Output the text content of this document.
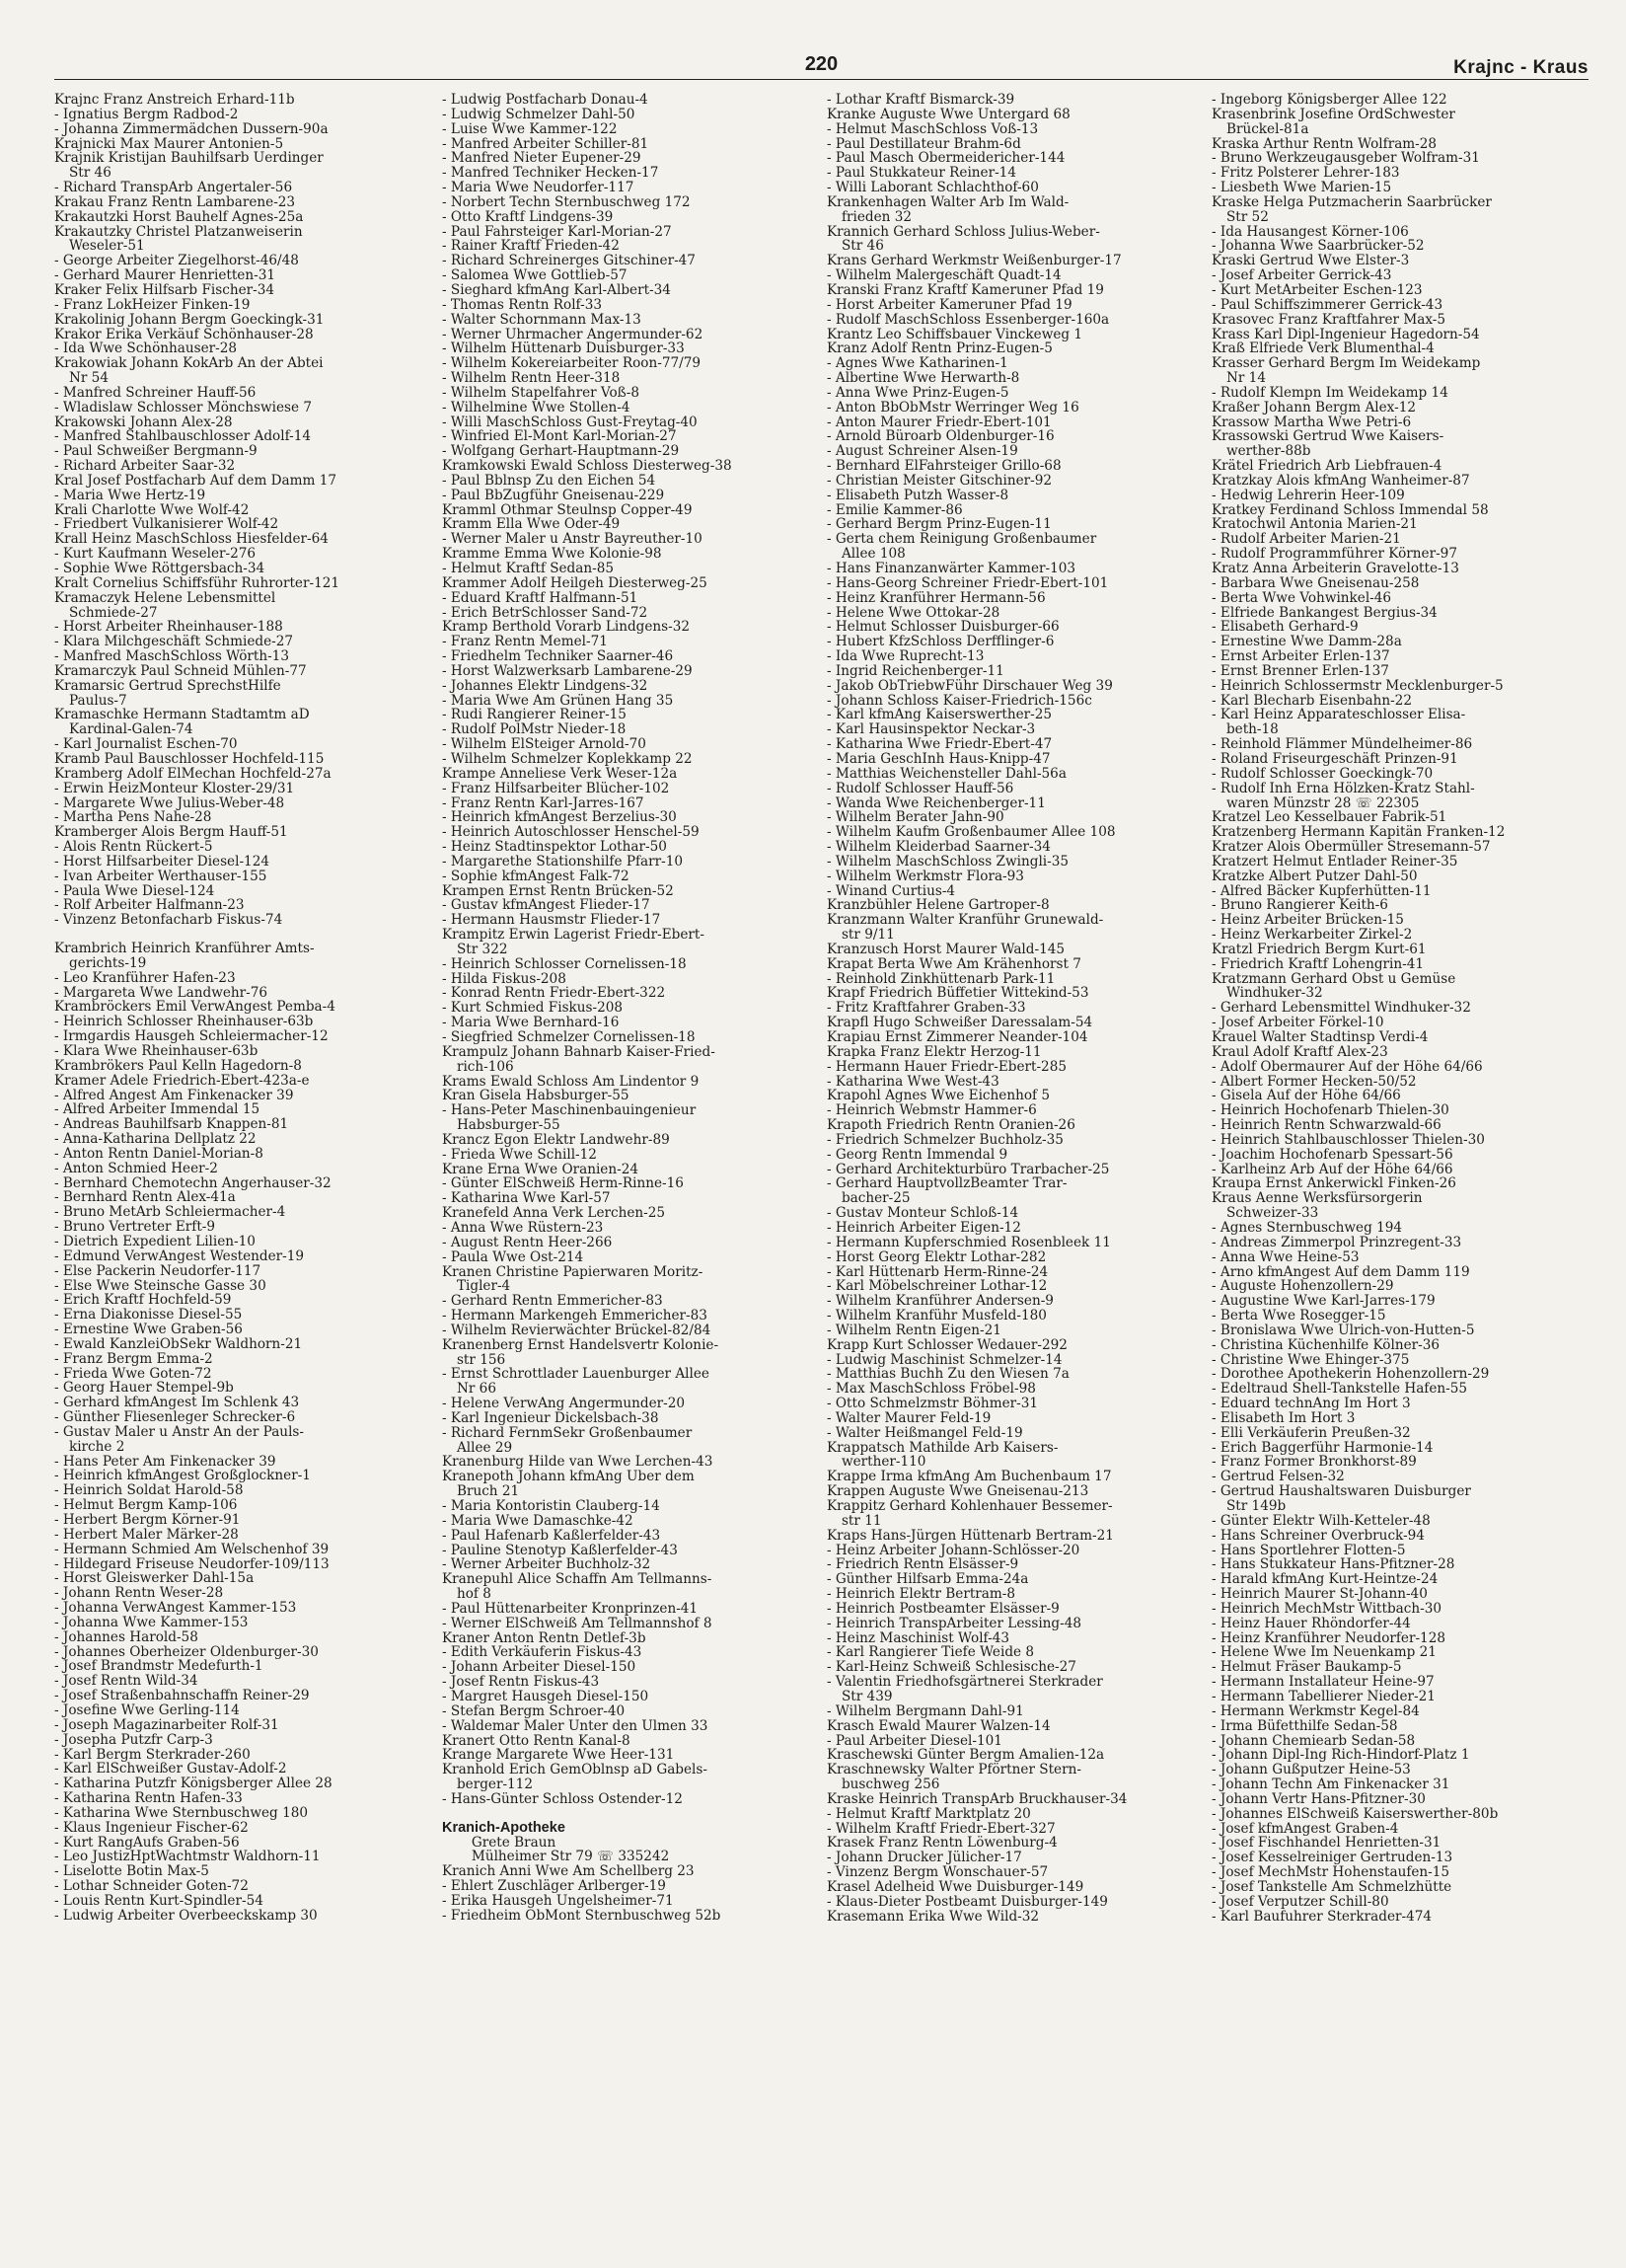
220	Krajnc - Kraus
Krajnc Franz Anstreich Erhard-11b
- Ignatius Bergm Radbod-2
- Johanna Zimmermädchen Dussern-90a
Krajnicki Max Maurer Antonien-5
Krajnik Kristijan Bauhilfsarb Uerdinger
Str 46
- Richard TranspArb Angertaler-56
Krakau Franz Rentn Lambarene-23
Krakautzki Horst Bauhelf Agnes-25a
Krakautzky Christel Platzanweiserin
Weseler-51
- George Arbeiter Ziegelhorst-46/48
- Gerhard Maurer Henrietten-31
Kraker Felix Hilfsarb Fischer-34
- Franz LokHeizer Finken-19
Krakolinig Johann Bergm Goeckingk-31
Krakor Erika Verkäuf Schönhauser-28
- Ida Wwe Schönhauser-28
Krakowiak Johann KokArb An der Abtei
Nr 54
- Manfred Schreiner Hauff-56
- Wladislaw Schlosser Mönchswiese 7
Krakowski Johann Alex-28
- Manfred Stahlbauschlosser Adolf-14
- Paul Schweißer Bergmann-9
- Richard Arbeiter Saar-32
Kral Josef Postfacharb Auf dem Damm 17
- Maria Wwe Hertz-19
Krali Charlotte Wwe Wolf-42
- Friedbert Vulkanisierer Wolf-42
Krall Heinz MaschSchloss Hiesfelder-64
- Kurt Kaufmann Weseler-276
- Sophie Wwe Röttgersbach-34
Kralt Cornelius Schiffsführ Ruhrorter-121
Kramaczyk Helene Lebensmittel
Schmiede-27
- Horst Arbeiter Rheinhauser-188
- Klara Milchgeschäft Schmiede-27
- Manfred MaschSchloss Wörth-13
Kramarczyk Paul Schneid Mühlen-77
Kramarsic Gertrud SprechstHilfe
Paulus-7
Kramaschke Hermann Stadtamtm aD
Kardinal-Galen-74
- Karl Journalist Eschen-70
Kramb Paul Bauschlosser Hochfeld-115
Kramberg Adolf ElMechan Hochfeld-27a
- Erwin HeizMonteur Kloster-29/31
- Margarete Wwe Julius-Weber-48
- Martha Pens Nahe-28
Kramberger Alois Bergm Hauff-51
- Alois Rentn Rückert-5
- Horst Hilfsarbeiter Diesel-124
- Ivan Arbeiter Werthauser-155
- Paula Wwe Diesel-124
- Rolf Arbeiter Halfmann-23
- Vinzenz Betonfacharb Fiskus-74
Krambrich Heinrich Kranführer Amts-
gerichts-19
- Leo Kranführer Hafen-23
- Margareta Wwe Landwehr-76
Krambröckers Emil VerwAngest Pemba-4
- Heinrich Schlosser Rheinhauser-63b
- Irmgardis Hausgeh Schleiermacher-12
- Klara Wwe Rheinhauser-63b
Krambrökers Paul Kelln Hagedorn-8
Kramer Adele Friedrich-Ebert-423a-e
- Alfred Angest Am Finkenacker 39
- Alfred Arbeiter Immendal 15
- Andreas Bauhilfsarb Knappen-81
- Anna-Katharina Dellplatz 22
- Anton Rentn Daniel-Morian-8
- Anton Schmied Heer-2
- Bernhard Chemotechn Angerhauser-32
- Bernhard Rentn Alex-41a
- Bruno MetArb Schleiermacher-4
- Bruno Vertreter Erft-9
- Dietrich Expedient Lilien-10
- Edmund VerwAngest Westender-19
- Else Packerin Neudorfer-117
- Else Wwe Steinsche Gasse 30
- Erich Kraftf Hochfeld-59
- Erna Diakonisse Diesel-55
- Ernestine Wwe Graben-56
- Ewald KanzleiObSekr Waldhorn-21
- Franz Bergm Emma-2
- Frieda Wwe Goten-72
- Georg Hauer Stempel-9b
- Gerhard kfmAngest Im Schlenk 43
- Günther Fliesenleger Schrecker-6
- Gustav Maler u Anstr An der Pauls-
kirche 2
- Hans Peter Am Finkenacker 39
- Heinrich kfmAngest Großglockner-1
- Heinrich Soldat Harold-58
- Helmut Bergm Kamp-106
- Herbert Bergm Körner-91
- Herbert Maler Märker-28
- Hermann Schmied Am Welschenhof 39
- Hildegard Friseuse Neudorfer-109/113
- Horst Gleiswerker Dahl-15a
- Johann Rentn Weser-28
- Johanna VerwAngest Kammer-153
- Johanna Wwe Kammer-153
- Johannes Harold-58
- Johannes Oberheizer Oldenburger-30
- Josef Brandmstr Medefurth-1
- Josef Rentn Wild-34
- Josef Straßenbahnschaffn Reiner-29
- Josefine Wwe Gerling-114
- Joseph Magazinarbeiter Rolf-31
- Josepha Putzfr Carp-3
- Karl Bergm Sterkrader-260
- Karl ElSchweißer Gustav-Adolf-2
- Katharina Putzfr Königsberger Allee 28
- Katharina Rentn Hafen-33
- Katharina Wwe Sternbuschweg 180
- Klaus Ingenieur Fischer-62
- Kurt RangAufs Graben-56
- Leo JustizHptWachtmstr Waldhorn-11
- Liselotte Botin Max-5
- Lothar Schneider Goten-72
- Louis Rentn Kurt-Spindler-54
- Ludwig Arbeiter Overbeeckskamp 30
- Ludwig Postfacharb Donau-4
- Ludwig Schmelzer Dahl-50
- Luise Wwe Kammer-122
- Manfred Arbeiter Schiller-81
- Manfred Nieter Eupener-29
- Manfred Techniker Hecken-17
- Maria Wwe Neudorfer-117
- Norbert Techn Sternbuschweg 172
- Otto Kraftf Lindgens-39
- Paul Fahrsteiger Karl-Morian-27
- Rainer Kraftf Frieden-42
- Richard Schreinerges Gitschiner-47
- Salomea Wwe Gottlieb-57
- Sieghard kfmAng Karl-Albert-34
- Thomas Rentn Rolf-33
- Walter Schornmann Max-13
- Werner Uhrmacher Angermunder-62
- Wilhelm Hüttenarb Duisburger-33
- Wilhelm Kokereiarbeiter Roon-77/79
- Wilhelm Rentn Heer-318
- Wilhelm Stapelfahrer Voß-8
- Wilhelmine Wwe Stollen-4
- Willi MaschSchloss Gust-Freytag-40
- Winfried El-Mont Karl-Morian-27
- Wolfgang Gerhart-Hauptmann-29
Kramkowski Ewald Schloss Diesterweg-38
- Paul Bblnsp Zu den Eichen 54
- Paul BbZugführ Gneisenau-229
Kramml Othmar Steulnsp Copper-49
Kramm Ella Wwe Oder-49
- Werner Maler u Anstr Bayreuther-10
Kramme Emma Wwe Kolonie-98
- Helmut Kraftf Sedan-85
Krammer Adolf Heilgeh Diesterweg-25
- Eduard Kraftf Halfmann-51
- Erich BetrSchlosser Sand-72
Kramp Berthold Vorarb Lindgens-32
- Franz Rentn Memel-71
- Friedhelm Techniker Saarner-46
- Horst Walzwerksarb Lambarene-29
- Johannes Elektr Lindgens-32
- Maria Wwe Am Grünen Hang 35
- Rudi Rangierer Reiner-15
- Rudolf PolMstr Nieder-18
- Wilhelm ElSteiger Arnold-70
- Wilhelm Schmelzer Koplekkamp 22
Krampe Anneliese Verk Weser-12a
- Franz Hilfsarbeiter Blücher-102
- Franz Rentn Karl-Jarres-167
- Heinrich kfmAngest Berzelius-30
- Heinrich Autoschlosser Henschel-59
- Heinz Stadtinspektor Lothar-50
- Margarethe Stationshilfe Pfarr-10
- Sophie kfmAngest Falk-72
Krampen Ernst Rentn Brücken-52
- Gustav kfmAngest Flieder-17
- Hermann Hausmstr Flieder-17
Krampitz Erwin Lagerist Friedr-Ebert-
Str 322
- Heinrich Schlosser Cornelissen-18
- Hilda Fiskus-208
- Konrad Rentn Friedr-Ebert-322
- Kurt Schmied Fiskus-208
- Maria Wwe Bernhard-16
- Siegfried Schmelzer Cornelissen-18
Krampulz Johann Bahnarb Kaiser-Fried-
rich-106
Krams Ewald Schloss Am Lindentor 9
Kran Gisela Habsburger-55
- Hans-Peter Maschinenbauingenieur
Habsburger-55
Krancz Egon Elektr Landwehr-89
- Frieda Wwe Schill-12
Krane Erna Wwe Oranien-24
- Günter ElSchweiß Herm-Rinne-16
- Katharina Wwe Karl-57
Kranefeld Anna Verk Lerchen-25
- Anna Wwe Rüstern-23
- August Rentn Heer-266
- Paula Wwe Ost-214
Kranen Christine Papierwaren Moritz-
Tigler-4
- Gerhard Rentn Emmericher-83
- Hermann Markengeh Emmericher-83
- Wilhelm Revierwächter Brückel-82/84
Kranenberg Ernst Handelsvertr Kolonie-
str 156
- Ernst Schrottlader Lauenburger Allee
Nr 66
- Helene VerwAng Angermunder-20
- Karl Ingenieur Dickelsbach-38
- Richard FernmSekr Großenbaumer
Allee 29
Kranenburg Hilde van Wwe Lerchen-43
Kranepoth Johann kfmAng Über dem
Bruch 21
- Maria Kontoristin Clauberg-14
- Maria Wwe Damaschke-42
- Paul Hafenarb Kaßlerfelder-43
- Pauline Stenotyp Kaßlerfelder-43
- Werner Arbeiter Buchholz-32
Kranepuhl Alice Schaffn Am Tellmanns-
hof 8
- Paul Hüttenarbeiter Kronprinzen-41
- Werner ElSchweiß Am Tellmannshof 8
Kraner Anton Rentn Detlef-3b
- Edith Verkäuferin Fiskus-43
- Johann Arbeiter Diesel-150
- Josef Rentn Fiskus-43
- Margret Hausgeh Diesel-150
- Stefan Bergm Schroer-40
- Waldemar Maler Unter den Ulmen 33
Kranert Otto Rentn Kanal-8
Krange Margarete Wwe Heer-131
Kranhold Erich GemOblnsp aD Gabels-
berger-112
- Hans-Günter Schloss Ostender-12
Kranich-Apotheke
Grete Braun
Mülheimer Str 79 ☏ 335242
Kranich Anni Wwe Am Schellberg 23
- Ehlert Zuschläger Arlberger-19
- Erika Hausgeh Ungelsheimer-71
- Friedheim ObMont Sternbuschweg 52b
- Lothar Kraftf Bismarck-39
Kranke Auguste Wwe Untergard 68
- Helmut MaschSchloss Voß-13
- Paul Destillateur Brahm-6d
- Paul Masch Obermeidericher-144
- Paul Stukkateur Reiner-14
- Willi Laborant Schlachthof-60
Krankenhagen Walter Arb Im Wald-
frieden 32
Krannich Gerhard Schloss Julius-Weber-
Str 46
Krans Gerhard Werkmstr Weißenburger-17
- Wilhelm Malergeschäft Quadt-14
Kranski Franz Kraftf Kameruner Pfad 19
- Horst Arbeiter Kameruner Pfad 19
- Rudolf MaschSchloss Essenberger-160a
Krantz Leo Schiffsbauer Vinckeweg 1
Kranz Adolf Rentn Prinz-Eugen-5
- Agnes Wwe Katharinen-1
- Albertine Wwe Herwarth-8
- Anna Wwe Prinz-Eugen-5
- Anton BbObMstr Werringer Weg 16
- Anton Maurer Friedr-Ebert-101
- Arnold Büroarb Oldenburger-16
- August Schreiner Alsen-19
- Bernhard ElFahrsteiger Grillo-68
- Christian Meister Gitschiner-92
- Elisabeth Putzh Wasser-8
- Emilie Kammer-86
- Gerhard Bergm Prinz-Eugen-11
- Gerta chem Reinigung Großenbaumer
Allee 108
- Hans Finanzanwärter Kammer-103
- Hans-Georg Schreiner Friedr-Ebert-101
- Heinz Kranführer Hermann-56
- Helene Wwe Ottokar-28
- Helmut Schlosser Duisburger-66
- Hubert KfzSchloss Derfflinger-6
- Ida Wwe Ruprecht-13
- Ingrid Reichenberger-11
- Jakob ObTriebwFühr Dirschauer Weg 39
- Johann Schloss Kaiser-Friedrich-156c
- Karl kfmAng Kaiserswerther-25
- Karl Hausinspektor Neckar-3
- Katharina Wwe Friedr-Ebert-47
- Maria GeschInh Haus-Knipp-47
- Matthias Weichensteller Dahl-56a
- Rudolf Schlosser Hauff-56
- Wanda Wwe Reichenberger-11
- Wilhelm Berater Jahn-90
- Wilhelm Kaufm Großenbaumer Allee 108
- Wilhelm Kleiderbad Saarner-34
- Wilhelm MaschSchloss Zwingli-35
- Wilhelm Werkmstr Flora-93
- Winand Curtius-4
Kranzbühler Helene Gartroper-8
Kranzmann Walter Kranführ Grunewald-
str 9/11
Kranzusch Horst Maurer Wald-145
Krapat Berta Wwe Am Krähenhorst 7
- Reinhold Zinkhüttenarb Park-11
Krapf Friedrich Büffetier Wittekind-53
- Fritz Kraftfahrer Graben-33
Krapfl Hugo Schweißer Daressalam-54
Krapiau Ernst Zimmerer Neander-104
Krapka Franz Elektr Herzog-11
- Hermann Hauer Friedr-Ebert-285
- Katharina Wwe West-43
Krapohl Agnes Wwe Eichenhof 5
- Heinrich Webmstr Hammer-6
Krapoth Friedrich Rentn Oranien-26
- Friedrich Schmelzer Buchholz-35
- Georg Rentn Immendal 9
- Gerhard Architekturbüro Trarbacher-25
- Gerhard HauptvollzBeamter Trar-
bacher-25
- Gustav Monteur Schloß-14
- Heinrich Arbeiter Eigen-12
- Hermann Kupferschmied Rosenbleek 11
- Horst Georg Elektr Lothar-282
- Karl Hüttenarb Herm-Rinne-24
- Karl Möbelschreiner Lothar-12
- Wilhelm Kranführer Andersen-9
- Wilhelm Kranführ Musfeld-180
- Wilhelm Rentn Eigen-21
Krapp Kurt Schlosser Wedauer-292
- Ludwig Maschinist Schmelzer-14
- Matthias Buchh Zu den Wiesen 7a
- Max MaschSchloss Fröbel-98
- Otto Schmelzmstr Böhmer-31
- Walter Maurer Feld-19
- Walter Heißmangel Feld-19
Krappatsch Mathilde Arb Kaisers-
werther-110
Krappe Irma kfmAng Am Buchenbaum 17
Krappen Auguste Wwe Gneisenau-213
Krappitz Gerhard Kohlenhauer Bessemer-
str 11
Kraps Hans-Jürgen Hüttenarb Bertram-21
- Heinz Arbeiter Johann-Schlösser-20
- Friedrich Rentn Elsässer-9
- Günther Hilfsarb Emma-24a
- Heinrich Elektr Bertram-8
- Heinrich Postbeamter Elsässer-9
- Heinrich TranspArbeiter Lessing-48
- Heinz Maschinist Wolf-43
- Karl Rangierer Tiefe Weide 8
- Karl-Heinz Schweiß Schlesische-27
- Valentin Friedhofsgärtnerei Sterkrader
Str 439
- Wilhelm Bergmann Dahl-91
Krasch Ewald Maurer Walzen-14
- Paul Arbeiter Diesel-101
Kraschewski Günter Bergm Amalien-12a
Kraschnewsky Walter Pförtner Stern-
buschweg 256
Kraske Heinrich TranspArb Bruckhauser-34
- Helmut Kraftf Marktplatz 20
- Wilhelm Kraftf Friedr-Ebert-327
Krasek Franz Rentn Löwenburg-4
- Johann Drucker Jülicher-17
- Vinzenz Bergm Wonschauer-57
Krasel Adelheid Wwe Duisburger-149
- Klaus-Dieter Postbeamt Duisburger-149
Krasemann Erika Wwe Wild-32
- Ingeborg Königsberger Allee 122
Krasenbrink Josefine OrdSchwester
Brückel-81a
Kraska Arthur Rentn Wolfram-28
- Bruno Werkzeugausgeber Wolfram-31
- Fritz Polsterer Lehrer-183
- Liesbeth Wwe Marien-15
Kraske Helga Putzmacherin Saarbrücker
Str 52
- Ida Hausangest Körner-106
- Johanna Wwe Saarbrücker-52
Kraski Gertrud Wwe Elster-3
- Josef Arbeiter Gerrick-43
- Kurt MetArbeiter Eschen-123
- Paul Schiffszimmerer Gerrick-43
Krasovec Franz Kraftfahrer Max-5
Krass Karl Dipl-Ingenieur Hagedorn-54
Kraß Elfriede Verk Blumenthal-4
Krasser Gerhard Bergm Im Weidekamp
Nr 14
- Rudolf Klempn Im Weidekamp 14
Kraßer Johann Bergm Alex-12
Krassow Martha Wwe Petri-6
Krassowski Gertrud Wwe Kaisers-
werther-88b
Krätel Friedrich Arb Liebfrauen-4
Kratzkay Alois kfmAng Wanheimer-87
- Hedwig Lehrerin Heer-109
Kratkey Ferdinand Schloss Immendal 58
Kratochwil Antonia Marien-21
- Rudolf Arbeiter Marien-21
- Rudolf Programmführer Körner-97
Kratz Anna Arbeiterin Gravelotte-13
- Barbara Wwe Gneisenau-258
- Berta Wwe Vohwinkel-46
- Elfriede Bankangest Bergius-34
- Elisabeth Gerhard-9
- Ernestine Wwe Damm-28a
- Ernst Arbeiter Erlen-137
- Ernst Brenner Erlen-137
- Heinrich Schlossermstr Mecklenburger-5
- Karl Blecharb Eisenbahn-22
- Karl Heinz Apparateschlosser Elisa-
beth-18
- Reinhold Flämmer Mündelheimer-86
- Roland Friseurgeschäft Prinzen-91
- Rudolf Schlosser Goeckingk-70
- Rudolf Inh Erna Hölzken-Kratz Stahl-
waren Münzstr 28 ☏ 22305
Kratzel Leo Kesselbauer Fabrik-51
Kratzenberg Hermann Kapitän Franken-12
Kratzer Alois Obermüller Stresemann-57
Kratzert Helmut Entlader Reiner-35
Kratzke Albert Putzer Dahl-50
- Alfred Bäcker Kupferhütten-11
- Bruno Rangierer Keith-6
- Heinz Arbeiter Brücken-15
- Heinz Werkarbeiter Zirkel-2
Kratzl Friedrich Bergm Kurt-61
- Friedrich Kraftf Lohengrin-41
Kratzmann Gerhard Obst u Gemüse
Windhuker-32
- Gerhard Lebensmittel Windhuker-32
- Josef Arbeiter Förkel-10
Krauel Walter Stadtinsp Verdi-4
Kraul Adolf Kraftf Alex-23
- Adolf Obermaurer Auf der Höhe 64/66
- Albert Former Hecken-50/52
- Gisela Auf der Höhe 64/66
- Heinrich Hochofenarb Thielen-30
- Heinrich Rentn Schwarzwald-66
- Heinrich Stahlbauschlosser Thielen-30
- Joachim Hochofenarb Spessart-56
- Karlheinz Arb Auf der Höhe 64/66
Kraupa Ernst Ankerwickl Finken-26
Kraus Aenne Werksfürsorgerin
Schweizer-33
- Agnes Sternbuschweg 194
- Andreas Zimmerpol Prinzregent-33
- Anna Wwe Heine-53
- Arno kfmAngest Auf dem Damm 119
- Auguste Hohenzollern-29
- Augustine Wwe Karl-Jarres-179
- Berta Wwe Rosegger-15
- Bronislawa Wwe Ulrich-von-Hutten-5
- Christina Küchenhilfe Kölner-36
- Christine Wwe Ehinger-375
- Dorothee Apothekerin Hohenzollern-29
- Edeltraud Shell-Tankstelle Hafen-55
- Eduard technAng Im Hort 3
- Elisabeth Im Hort 3
- Elli Verkäuferin Preußen-32
- Erich Baggerführ Harmonie-14
- Franz Former Bronkhorst-89
- Gertrud Felsen-32
- Gertrud Haushaltswaren Duisburger
Str 149b
- Günter Elektr Wilh-Ketteler-48
- Hans Schreiner Overbruck-94
- Hans Sportlehrer Flotten-5
- Hans Stukkateur Hans-Pfitzner-28
- Harald kfmAng Kurt-Heintze-24
- Heinrich Maurer St-Johann-40
- Heinrich MechMstr Wittbach-30
- Heinz Hauer Rhöndorfer-44
- Heinz Kranführer Neudorfer-128
- Helene Wwe Im Neuenkamp 21
- Helmut Fräser Baukamp-5
- Hermann Installateur Heine-97
- Hermann Tabellierer Nieder-21
- Hermann Werkmstr Kegel-84
- Irma Büfetthilfe Sedan-58
- Johann Chemiearb Sedan-58
- Johann Dipl-Ing Rich-Hindorf-Platz 1
- Johann Gußputzer Heine-53
- Johann Techn Am Finkenacker 31
- Johann Vertr Hans-Pfitzner-30
- Johannes ElSchweiß Kaiserswerther-80b
- Josef kfmAngest Graben-4
- Josef Fischhandel Henrietten-31
- Josef Kesselreiniger Gertruden-13
- Josef MechMstr Hohenstaufen-15
- Josef Tankstelle Am Schmelzhütte
- Josef Verputzer Schill-80
- Karl Baufuhrer Sterkrader-474
